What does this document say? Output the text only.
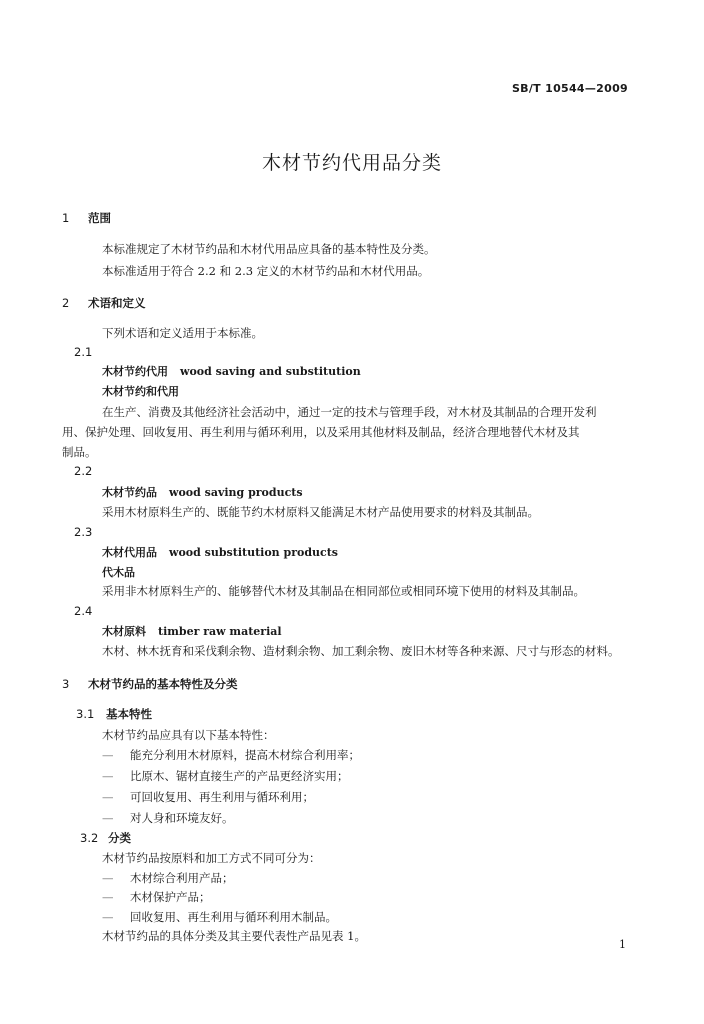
SB/T 10544—2009
木材节约代用品分类
1 范围
本标准规定了木材节约品和木材代用品应具备的基本特性及分类。
本标准适用于符合 2.2 和 2.3 定义的木材节约品和木材代用品。
2 术语和定义
下列术语和定义适用于本标准。
2.1
木材节约代用 wood saving and substitution
木材节约和代用
在生产、消费及其他经济社会活动中，通过一定的技术与管理手段，对木材及其制品的合理开发利
用、保护处理、回收复用、再生利用与循环利用，以及采用其他材料及制品，经济合理地替代木材及其
制品。
2.2
木材节约品 wood saving products
采用木材原料生产的、既能节约木材原料又能满足木材产品使用要求的材料及其制品。
2.3
木材代用品 wood substitution products
代木品
采用非木材原料生产的、能够替代木材及其制品在相同部位或相同环境下使用的材料及其制品。
2.4
木材原料 timber raw material
木材、林木抚育和采伐剩余物、造材剩余物、加工剩余物、废旧木材等各种来源、尺寸与形态的材料。
3 木材节约品的基本特性及分类
3.1 基本特性
木材节约品应具有以下基本特性：
— 能充分利用木材原料，提高木材综合利用率；
— 比原木、锯材直接生产的产品更经济实用；
— 可回收复用、再生利用与循环利用；
— 对人身和环境友好。
3.2 分类
木材节约品按原料和加工方式不同可分为：
— 木材综合利用产品；
— 木材保护产品；
— 回收复用、再生利用与循环利用木制品。
木材节约品的具体分类及其主要代表性产品见表 1。
1
